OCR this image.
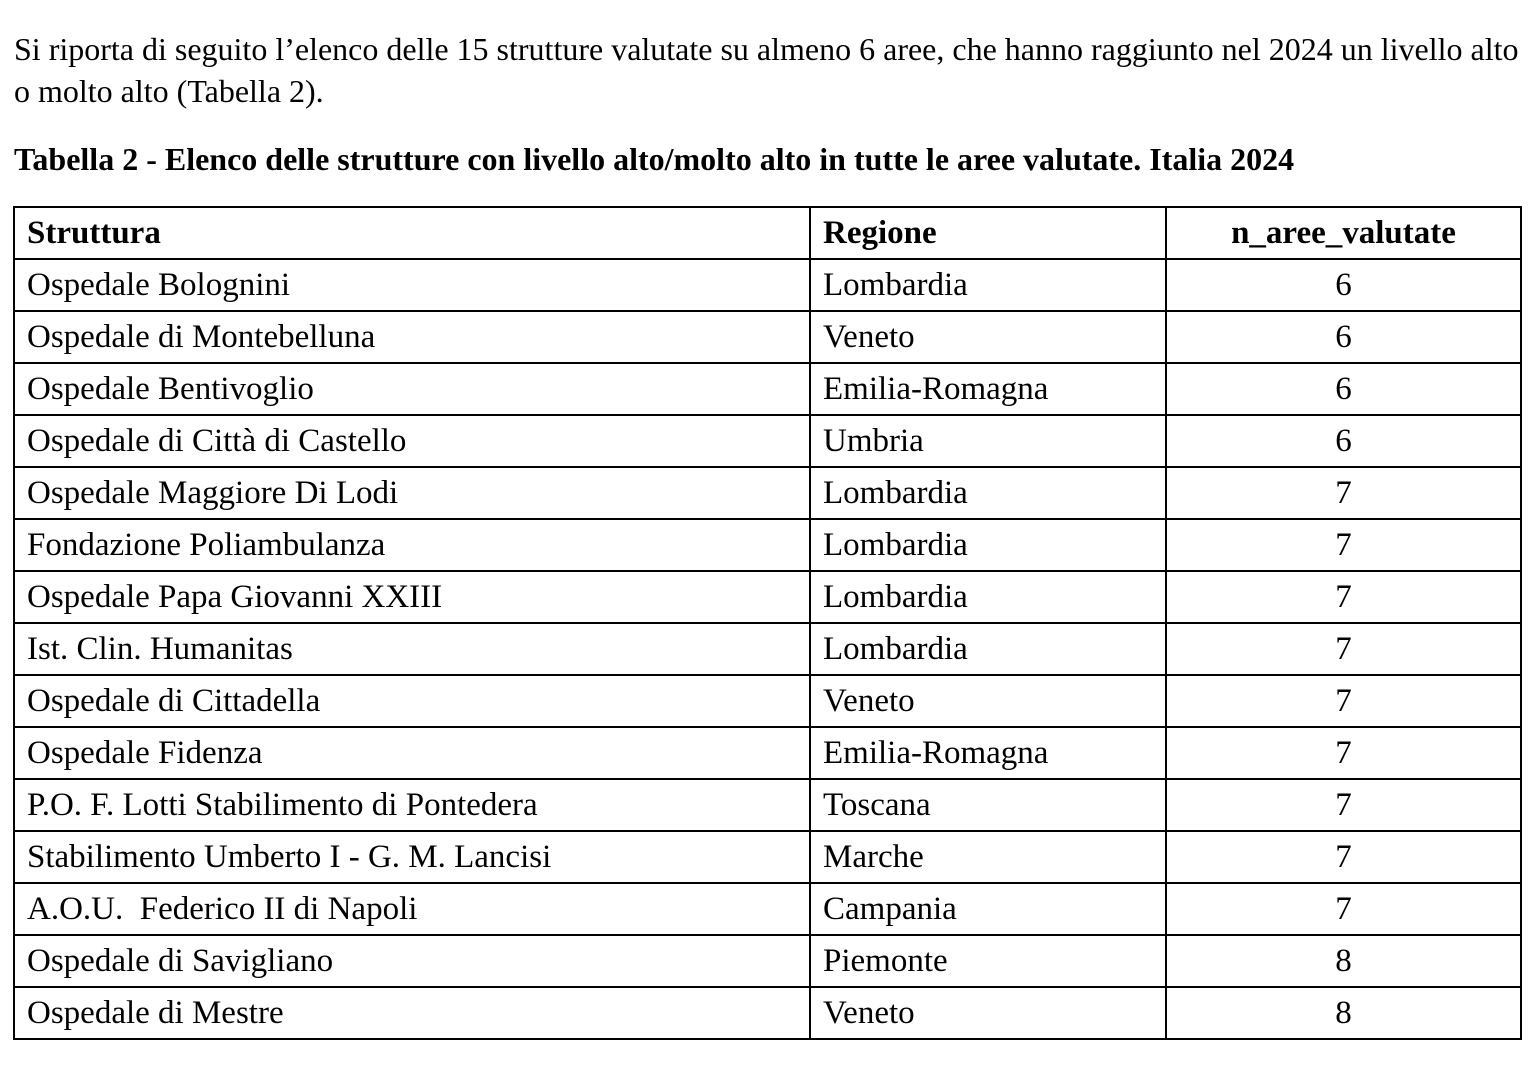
Si riporta di seguito l’elenco delle 15 strutture valutate su almeno 6 aree, che hanno raggiunto nel 2024 un livello alto o molto alto (Tabella 2).

Tabella 2 - Elenco delle strutture con livello alto/molto alto in tutte le aree valutate. Italia 2024

Struttura	Regione	n_aree_valutate
Ospedale Bolognini	Lombardia	6
Ospedale di Montebelluna	Veneto	6
Ospedale Bentivoglio	Emilia-Romagna	6
Ospedale di Città di Castello	Umbria	6
Ospedale Maggiore Di Lodi	Lombardia	7
Fondazione Poliambulanza	Lombardia	7
Ospedale Papa Giovanni XXIII	Lombardia	7
Ist. Clin. Humanitas	Lombardia	7
Ospedale di Cittadella	Veneto	7
Ospedale Fidenza	Emilia-Romagna	7
P.O. F. Lotti Stabilimento di Pontedera	Toscana	7
Stabilimento Umberto I - G. M. Lancisi	Marche	7
A.O.U.  Federico II di Napoli	Campania	7
Ospedale di Savigliano	Piemonte	8
Ospedale di Mestre	Veneto	8
